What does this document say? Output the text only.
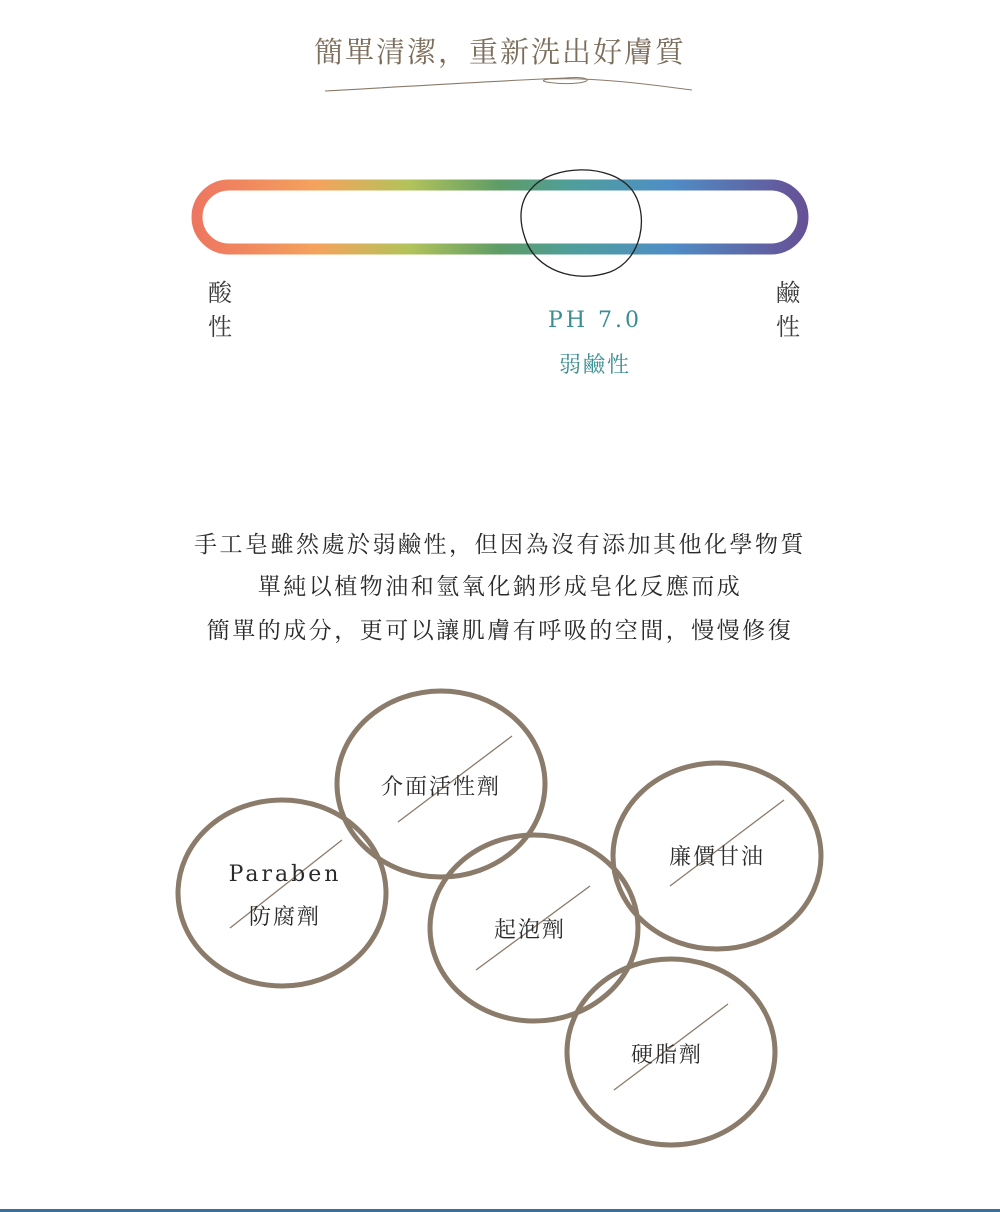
簡單清潔，重新洗出好膚質
酸
性
鹼
性
PH 7.0
弱鹼性
手工皂雖然處於弱鹼性，但因為沒有添加其他化學物質
單純以植物油和氫氧化鈉形成皂化反應而成
簡單的成分，更可以讓肌膚有呼吸的空間，慢慢修復
介面活性劑
Paraben
防腐劑
起泡劑
廉價甘油
硬脂劑
